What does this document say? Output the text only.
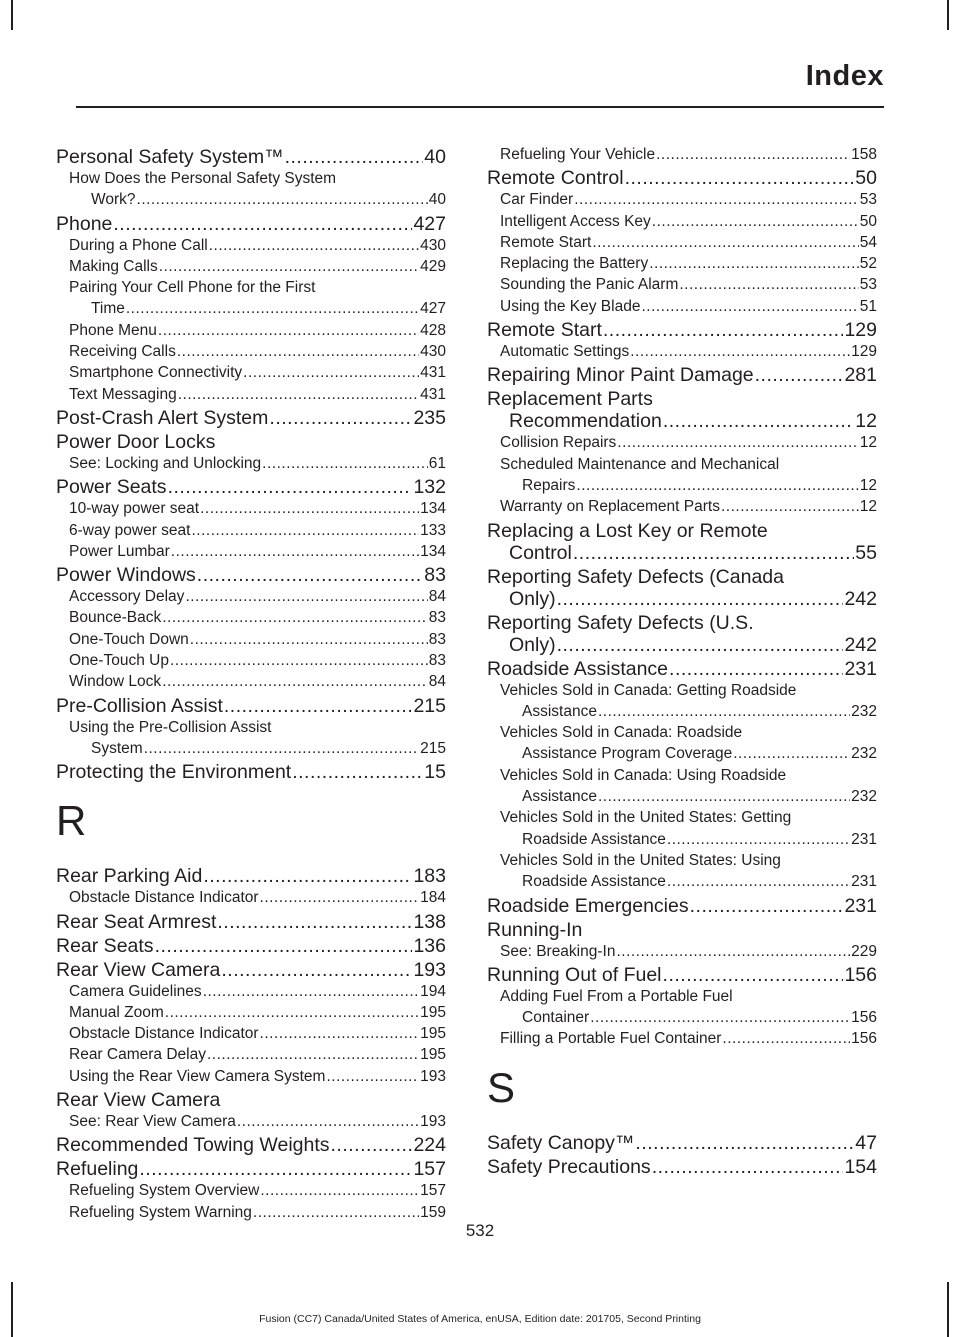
Index
Personal Safety System™ .....	40
How Does the Personal Safety System
Work? .....	40
Phone .....	427
During a Phone Call .....	430
Making Calls .....	429
Pairing Your Cell Phone for the First
Time .....	427
Phone Menu .....	428
Receiving Calls .....	430
Smartphone Connectivity .....	431
Text Messaging .....	431
Post-Crash Alert System .....	235
Power Door Locks
See: Locking and Unlocking .....	61
Power Seats .....	132
10-way power seat .....	134
6-way power seat .....	133
Power Lumbar .....	134
Power Windows .....	83
Accessory Delay .....	84
Bounce-Back .....	83
One-Touch Down .....	83
One-Touch Up .....	83
Window Lock .....	84
Pre-Collision Assist .....	215
Using the Pre-Collision Assist
System .....	215
Protecting the Environment .....	15
R
Rear Parking Aid .....	183
Obstacle Distance Indicator .....	184
Rear Seat Armrest .....	138
Rear Seats .....	136
Rear View Camera .....	193
Camera Guidelines .....	194
Manual Zoom .....	195
Obstacle Distance Indicator .....	195
Rear Camera Delay .....	195
Using the Rear View Camera System .....	193
Rear View Camera
See: Rear View Camera .....	193
Recommended Towing Weights .....	224
Refueling .....	157
Refueling System Overview .....	157
Refueling System Warning .....	159
Refueling Your Vehicle .....	158
Remote Control .....	50
Car Finder .....	53
Intelligent Access Key .....	50
Remote Start .....	54
Replacing the Battery .....	52
Sounding the Panic Alarm .....	53
Using the Key Blade .....	51
Remote Start .....	129
Automatic Settings .....	129
Repairing Minor Paint Damage .....	281
Replacement Parts
Recommendation .....	12
Collision Repairs .....	12
Scheduled Maintenance and Mechanical
Repairs .....	12
Warranty on Replacement Parts .....	12
Replacing a Lost Key or Remote
Control .....	55
Reporting Safety Defects (Canada
Only) .....	242
Reporting Safety Defects (U.S.
Only) .....	242
Roadside Assistance .....	231
Vehicles Sold in Canada: Getting Roadside
Assistance .....	232
Vehicles Sold in Canada: Roadside
Assistance Program Coverage .....	232
Vehicles Sold in Canada: Using Roadside
Assistance .....	232
Vehicles Sold in the United States: Getting
Roadside Assistance .....	231
Vehicles Sold in the United States: Using
Roadside Assistance .....	231
Roadside Emergencies .....	231
Running-In
See: Breaking-In .....	229
Running Out of Fuel .....	156
Adding Fuel From a Portable Fuel
Container .....	156
Filling a Portable Fuel Container .....	156
S
Safety Canopy™ .....	47
Safety Precautions .....	154
532
Fusion (CC7) Canada/United States of America, enUSA, Edition date: 201705, Second Printing
